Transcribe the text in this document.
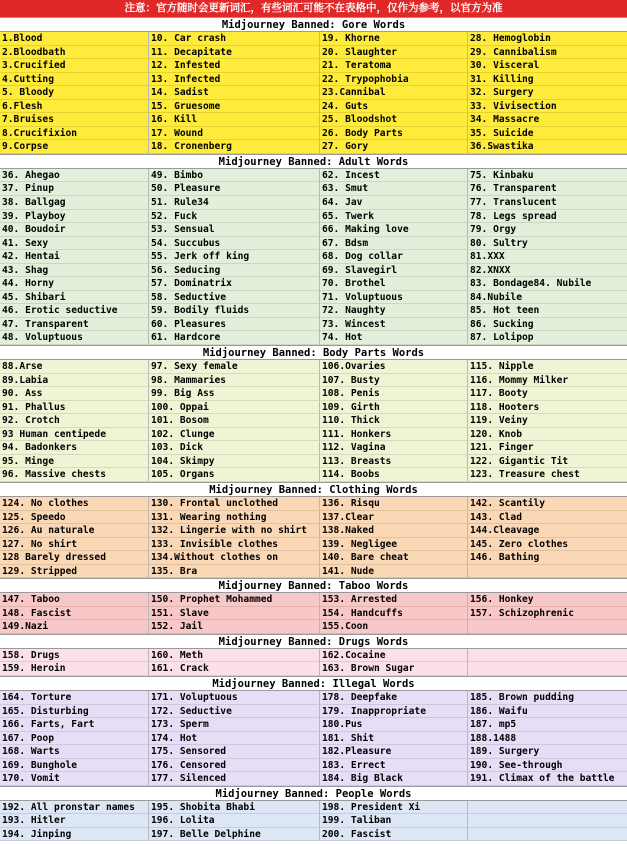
注意：官方随时会更新词汇，有些词汇可能不在表格中，仅作为参考，以官方为准
Midjourney Banned: Gore Words
1.Blood	10. Car crash	19. Khorne	28. Hemoglobin
2.Bloodbath	11. Decapitate	20. Slaughter	29. Cannibalism
3.Crucified	12. Infested	21. Teratoma	30. Visceral
4.Cutting	13. Infected	22. Trypophobia	31. Killing
5. Bloody	14. Sadist	23.Cannibal	32. Surgery
6.Flesh	15. Gruesome	24. Guts	33. Vivisection
7.Bruises	16. Kill	25. Bloodshot	34. Massacre
8.Crucifixion	17. Wound	26. Body Parts	35. Suicide
9.Corpse	18. Cronenberg	27. Gory	36.Swastika
Midjourney Banned: Adult Words
36. Ahegao	49. Bimbo	62. Incest	75. Kinbaku
37. Pinup	50. Pleasure	63. Smut	76. Transparent
38. Ballgag	51. Rule34	64. Jav	77. Translucent
39. Playboy	52. Fuck	65. Twerk	78. Legs spread
40. Boudoir	53. Sensual	66. Making love	79. Orgy
41. Sexy	54. Succubus	67. Bdsm	80. Sultry
42. Hentai	55. Jerk off king	68. Dog collar	81.XXX
43. Shag	56. Seducing	69. Slavegirl	82.XNXX
44. Horny	57. Dominatrix	70. Brothel	83. Bondage84. Nubile
45. Shibari	58. Seductive	71. Voluptuous	84.Nubile
46. Erotic seductive	59. Bodily fluids	72. Naughty	85. Hot teen
47. Transparent	60. Pleasures	73. Wincest	86. Sucking
48. Voluptuous	61. Hardcore	74. Hot	87. Lolipop
Midjourney Banned: Body Parts Words
88.Arse	97. Sexy female	106.Ovaries	115. Nipple
89.Labia	98. Mammaries	107. Busty	116. Mommy Milker
90. Ass	99. Big Ass	108. Penis	117. Booty
91. Phallus	100. Oppai	109. Girth	118. Hooters
92. Crotch	101. Bosom	110. Thick	119. Veiny
93 Human centipede	102. Clunge	111. Honkers	120. Knob
94. Badonkers	103. Dick	112. Vagina	121. Finger
95. Minge	104. Skimpy	113. Breasts	122. Gigantic Tit
96. Massive chests	105. Organs	114. Boobs	123. Treasure chest
Midjourney Banned: Clothing Words
124. No clothes	130. Frontal unclothed	136. Risqu	142. Scantily
125. Speedo	131. Wearing nothing	137.Clear	143. Clad
126. Au naturale	132. Lingerie with no shirt	138.Naked	144.Cleavage
127. No shirt	133. Invisible clothes	139. Negligee	145. Zero clothes
128 Barely dressed	134.Without clothes on	140. Bare cheat	146. Bathing
129. Stripped	135. Bra	141. Nude
Midjourney Banned: Taboo Words
147. Taboo	150. Prophet Mohammed	153. Arrested	156. Honkey
148. Fascist	151. Slave	154. Handcuffs	157. Schizophrenic
149.Nazi	152. Jail	155.Coon
Midjourney Banned: Drugs Words
158. Drugs	160. Meth	162.Cocaine
159. Heroin	161. Crack	163. Brown Sugar
Midjourney Banned: Illegal Words
164. Torture	171. Voluptuous	178. Deepfake	185. Brown pudding
165. Disturbing	172. Seductive	179. Inappropriate	186. Waifu
166. Farts, Fart	173. Sperm	180.Pus	187. mp5
167. Poop	174. Hot	181. Shit	188.1488
168. Warts	175. Sensored	182.Pleasure	189. Surgery
169. Bunghole	176. Censored	183. Errect	190. See-through
170. Vomit	177. Silenced	184. Big Black	191. Climax of the battle
Midjourney Banned: People Words
192. All pronstar names	195. Shobita Bhabi	198. President Xi
193. Hitler	196. Lolita	199. Taliban
194. Jinping	197. Belle Delphine	200. Fascist
